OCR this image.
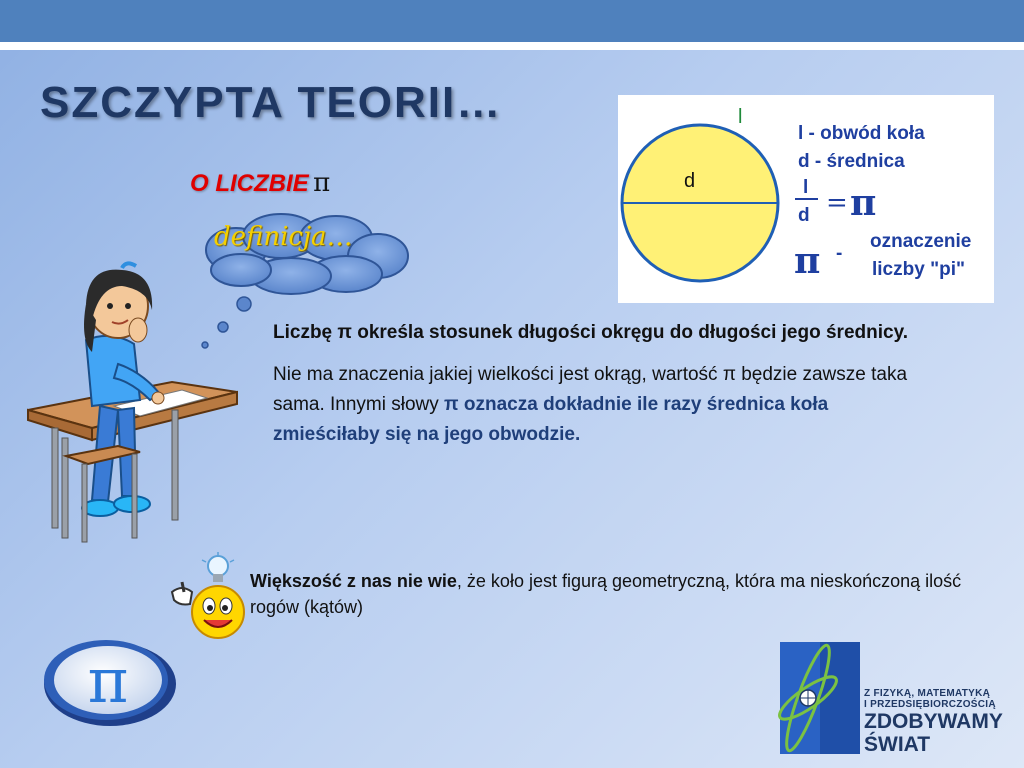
SZCZYPTA TEORII…
O LICZBIE π
definicja…
d
l
l - obwód koła
d - średnica
l
d = π
π -
oznaczenie
liczby "pi"

Liczbę π określa stosunek długości okręgu do długości jego średnicy.

Nie ma znaczenia jakiej wielkości jest okrąg, wartość π będzie zawsze taka sama. Innymi słowy π oznacza dokładnie ile razy średnica koła zmieściłaby się na jego obwodzie.

Większość z nas nie wie, że koło jest figurą geometryczną, która ma nieskończoną ilość rogów (kątów)
π	Z FIZYKĄ, MATEMATYKĄ
I PRZEDSIĘBIORCZOŚCIĄ
ZDOBYWAMY
ŚWIAT
